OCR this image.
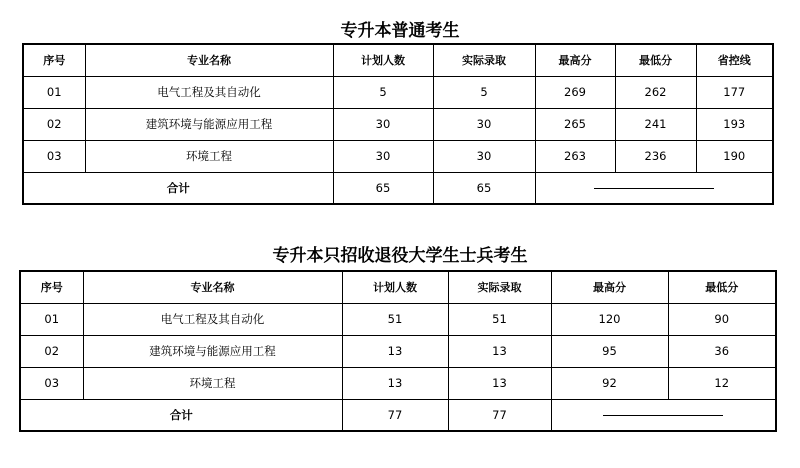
专升本普通考生
序号	专业名称	计划人数	实际录取	最高分	最低分	省控线
01	电气工程及其自动化	5	5	269	262	177
02	建筑环境与能源应用工程	30	30	265	241	193
03	环境工程	30	30	263	236	190
合计		65	65			
专升本只招收退役大学生士兵考生
序号	专业名称	计划人数	实际录取	最高分	最低分
01	电气工程及其自动化	51	51	120	90
02	建筑环境与能源应用工程	13	13	95	36
03	环境工程	13	13	92	12
合计		77	77		
